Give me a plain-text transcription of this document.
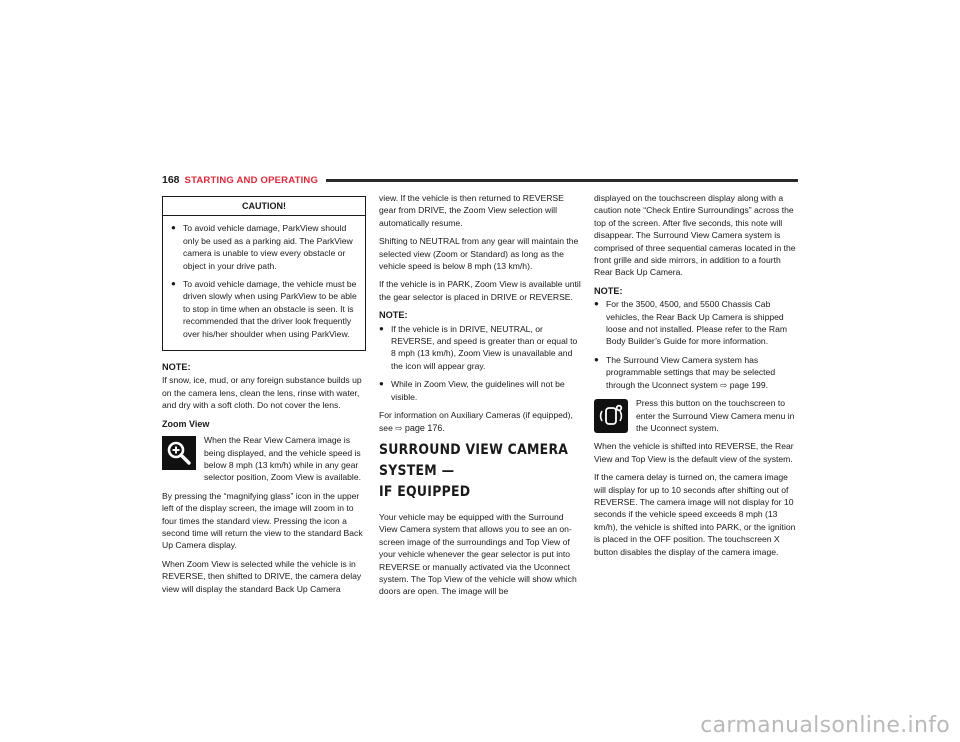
168 STARTING AND OPERATING
CAUTION!
● To avoid vehicle damage, ParkView should only be used as a parking aid. The ParkView camera is unable to view every obstacle or object in your drive path.
● To avoid vehicle damage, the vehicle must be driven slowly when using ParkView to be able to stop in time when an obstacle is seen. It is recommended that the driver look frequently over his/her shoulder when using ParkView.
NOTE:

If snow, ice, mud, or any foreign substance builds up on the camera lens, clean the lens, rinse with water, and dry with a soft cloth. Do not cover the lens.

Zoom View

When the Rear View Camera image is being displayed, and the vehicle speed is below 8 mph (13 km/h) while in any gear selector position, Zoom View is available.

By pressing the “magnifying glass” icon in the upper left of the display screen, the image will zoom in to four times the standard view. Pressing the icon a second time will return the view to the standard Back Up Camera display.

When Zoom View is selected while the vehicle is in REVERSE, then shifted to DRIVE, the camera delay view will display the standard Back Up Camera

view. If the vehicle is then returned to REVERSE gear from DRIVE, the Zoom View selection will automatically resume.

Shifting to NEUTRAL from any gear will maintain the selected view (Zoom or Standard) as long as the vehicle speed is below 8 mph (13 km/h).

If the vehicle is in PARK, Zoom View is available until the gear selector is placed in DRIVE or REVERSE.

NOTE:
● If the vehicle is in DRIVE, NEUTRAL, or REVERSE, and speed is greater than or equal to 8 mph (13 km/h), Zoom View is unavailable and the icon will appear gray.
● While in Zoom View, the guidelines will not be visible.

For information on Auxiliary Cameras (if equipped), see ⇨ page 176.

SURROUND VIEW CAMERA SYSTEM —
IF EQUIPPED

Your vehicle may be equipped with the Surround View Camera system that allows you to see an on-screen image of the surroundings and Top View of your vehicle whenever the gear selector is put into REVERSE or manually activated via the Uconnect system. The Top View of the vehicle will show which doors are open. The image will be

displayed on the touchscreen display along with a caution note “Check Entire Surroundings” across the top of the screen. After five seconds, this note will disappear. The Surround View Camera system is comprised of three sequential cameras located in the front grille and side mirrors, in addition to a fourth Rear Back Up Camera.

NOTE:
● For the 3500, 4500, and 5500 Chassis Cab vehicles, the Rear Back Up Camera is shipped loose and not installed. Please refer to the Ram Body Builder’s Guide for more information.
● The Surround View Camera system has programmable settings that may be selected through the Uconnect system ⇨ page 199.

Press this button on the touchscreen to enter the Surround View Camera menu in the Uconnect system.

When the vehicle is shifted into REVERSE, the Rear View and Top View is the default view of the system.

If the camera delay is turned on, the camera image will display for up to 10 seconds after shifting out of REVERSE. The camera image will not display for 10 seconds if the vehicle speed exceeds 8 mph (13 km/h), the vehicle is shifted into PARK, or the ignition is placed in the OFF position. The touchscreen X button disables the display of the camera image.

carmanualsonline.info
